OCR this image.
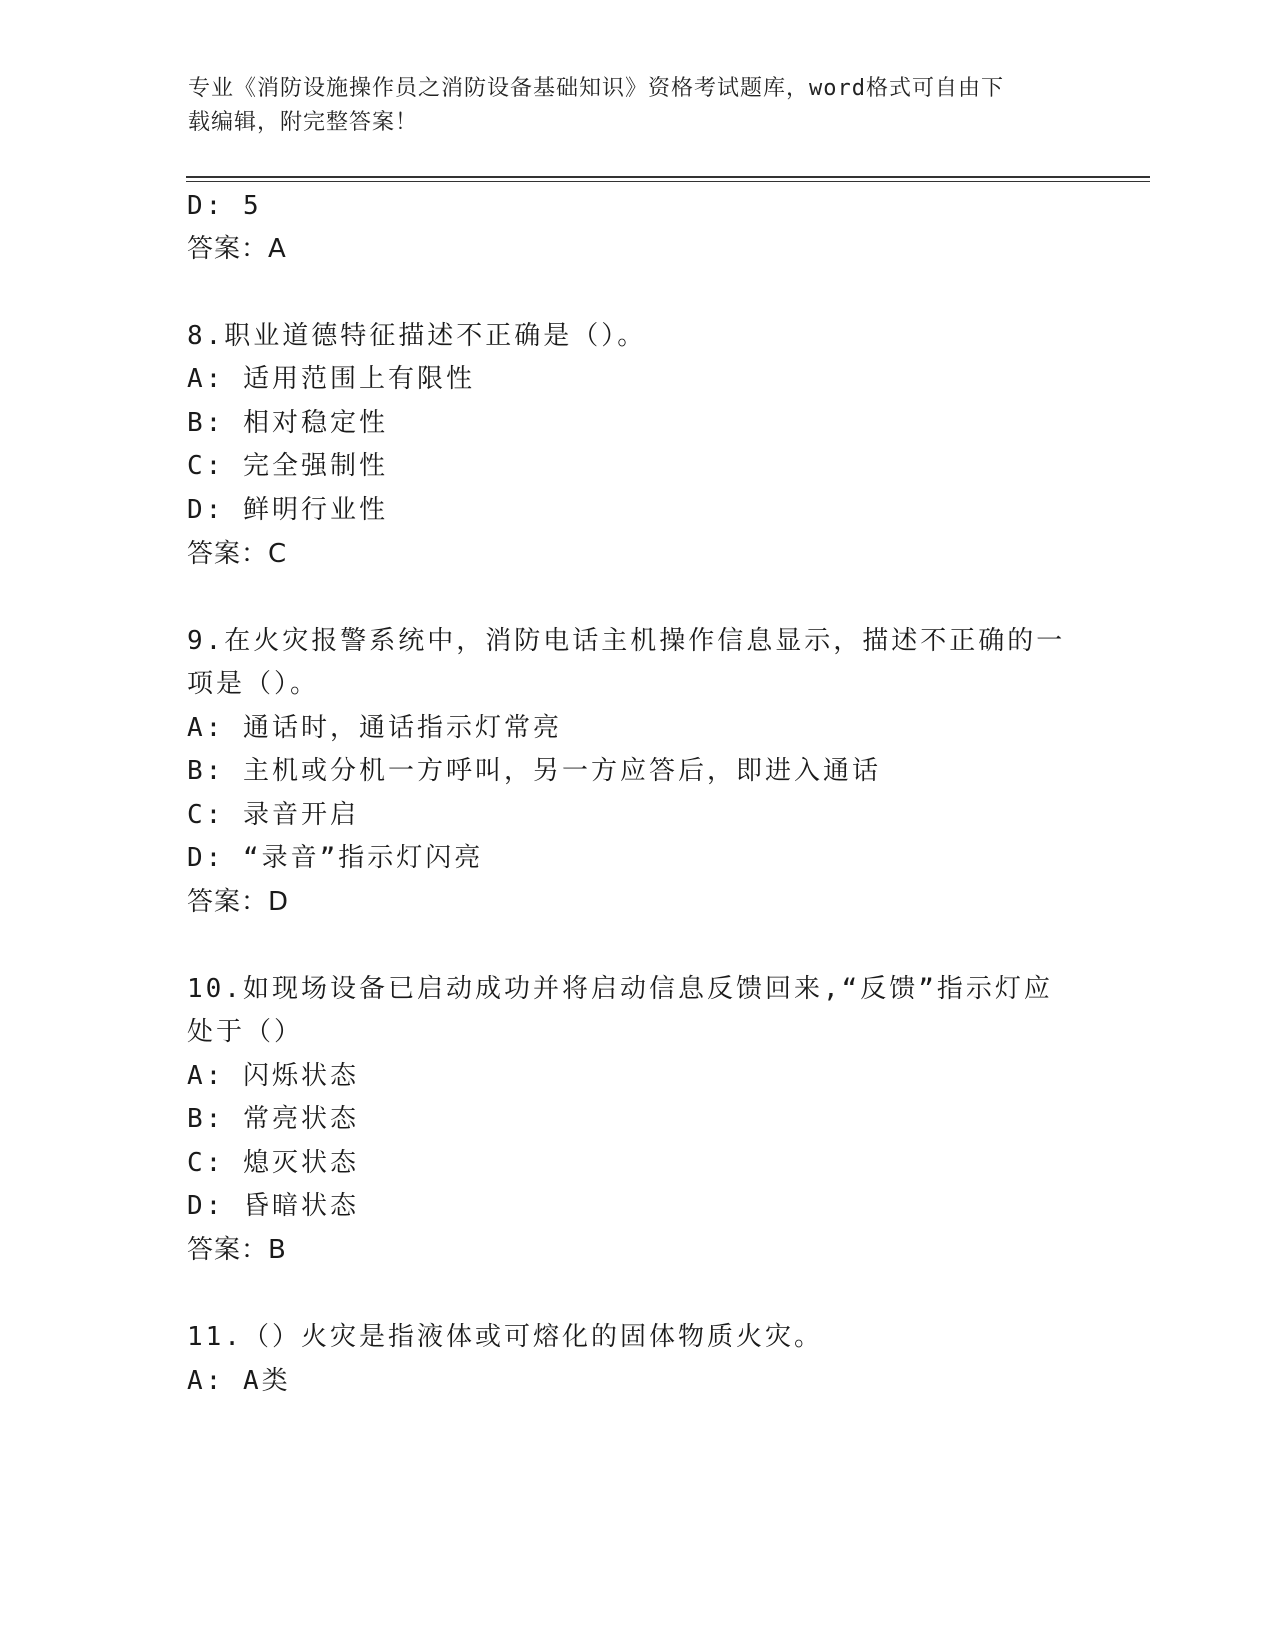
专业《消防设施操作员之消防设备基础知识》资格考试题库，word格式可自由下
载编辑，附完整答案！
D: 5
答案：A
8.职业道德特征描述不正确是（）。
A: 适用范围上有限性
B: 相对稳定性
C: 完全强制性
D: 鲜明行业性
答案：C
9.在火灾报警系统中，消防电话主机操作信息显示，描述不正确的一
项是（）。
A: 通话时，通话指示灯常亮
B: 主机或分机一方呼叫，另一方应答后，即进入通话
C: 录音开启
D: “录音”指示灯闪亮
答案：D
10.如现场设备已启动成功并将启动信息反馈回来,“反馈”指示灯应
处于（）
A: 闪烁状态
B: 常亮状态
C: 熄灭状态
D: 昏暗状态
答案：B
11.（）火灾是指液体或可熔化的固体物质火灾。
A: A类
